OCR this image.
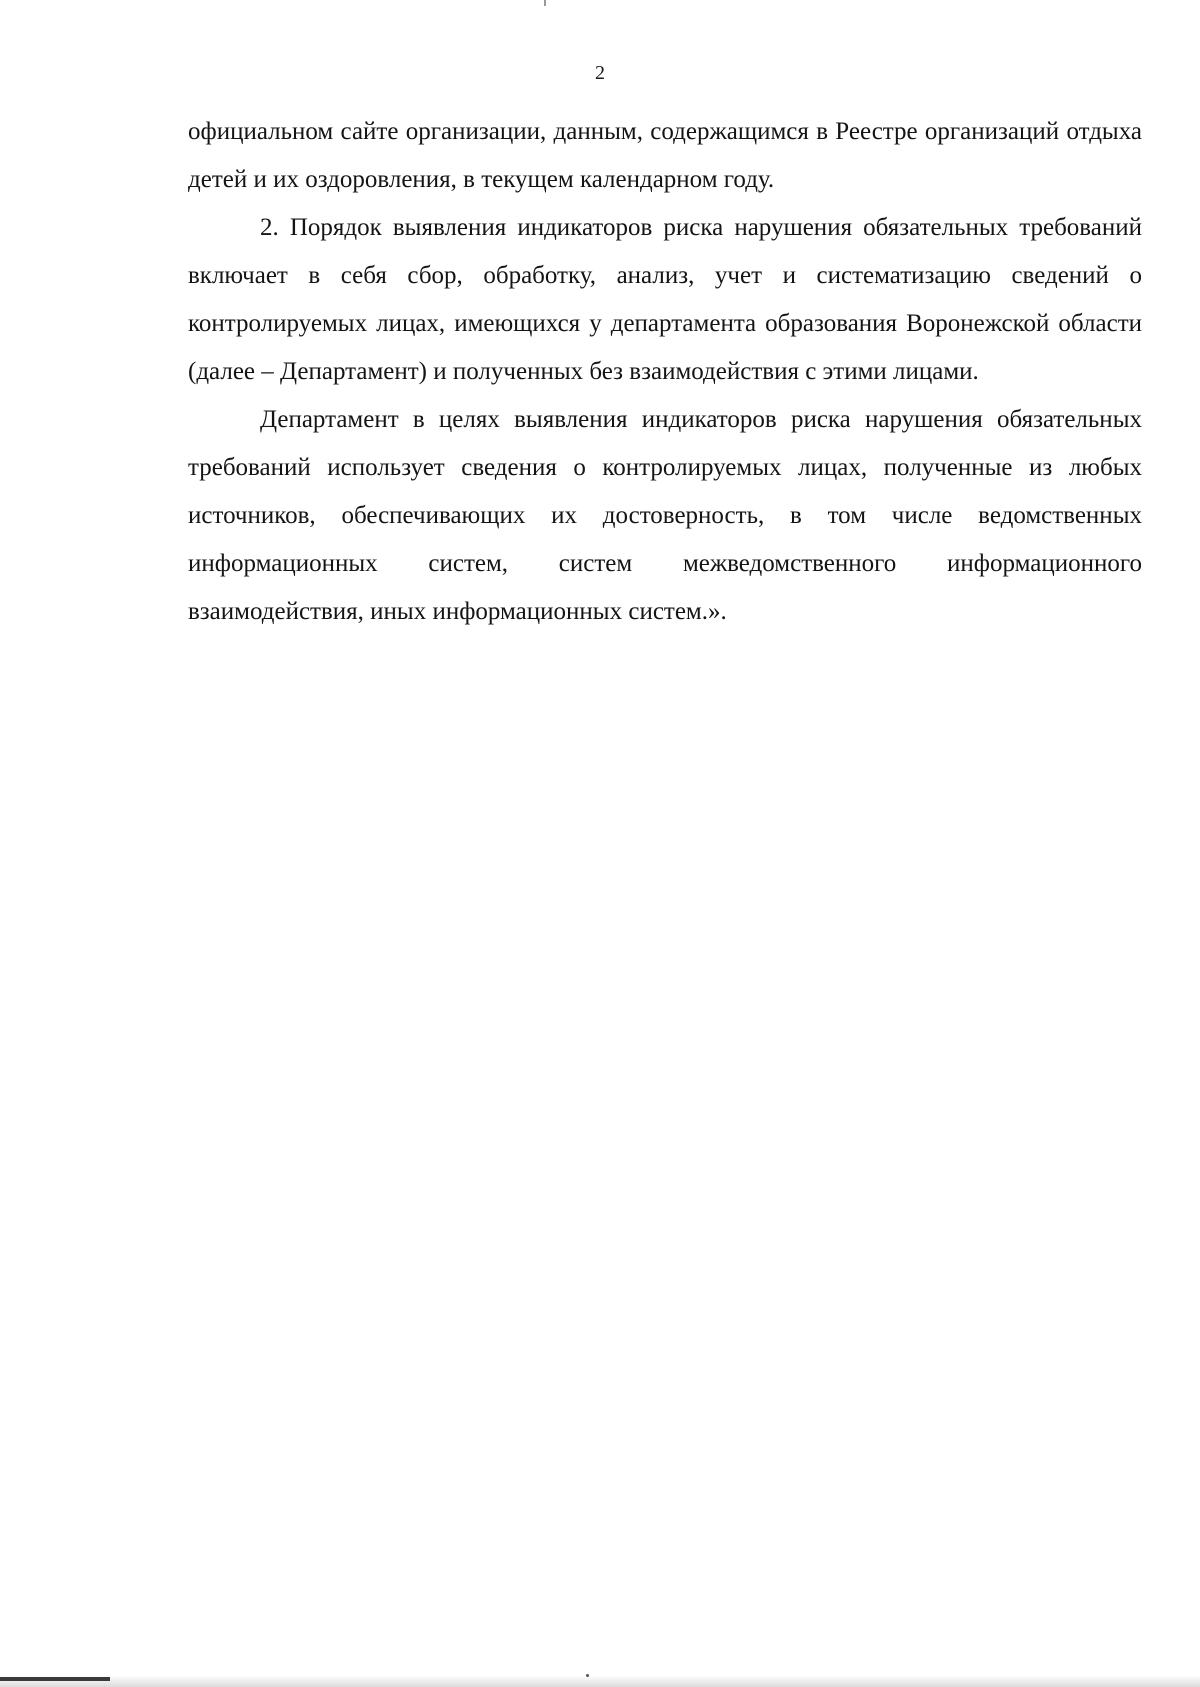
2

официальном сайте организации, данным, содержащимся в Реестре организаций отдыха детей и их оздоровления, в текущем календарном году.

2. Порядок выявления индикаторов риска нарушения обязательных требований включает в себя сбор, обработку, анализ, учет и систематизацию сведений о контролируемых лицах, имеющихся у департамента образования Воронежской области (далее – Департамент) и полученных без взаимодействия с этими лицами.

Департамент в целях выявления индикаторов риска нарушения обязательных требований использует сведения о контролируемых лицах, полученные из любых источников, обеспечивающих их достоверность, в том числе ведомственных информационных систем, систем межведомственного информационного взаимодействия, иных информационных систем.».
